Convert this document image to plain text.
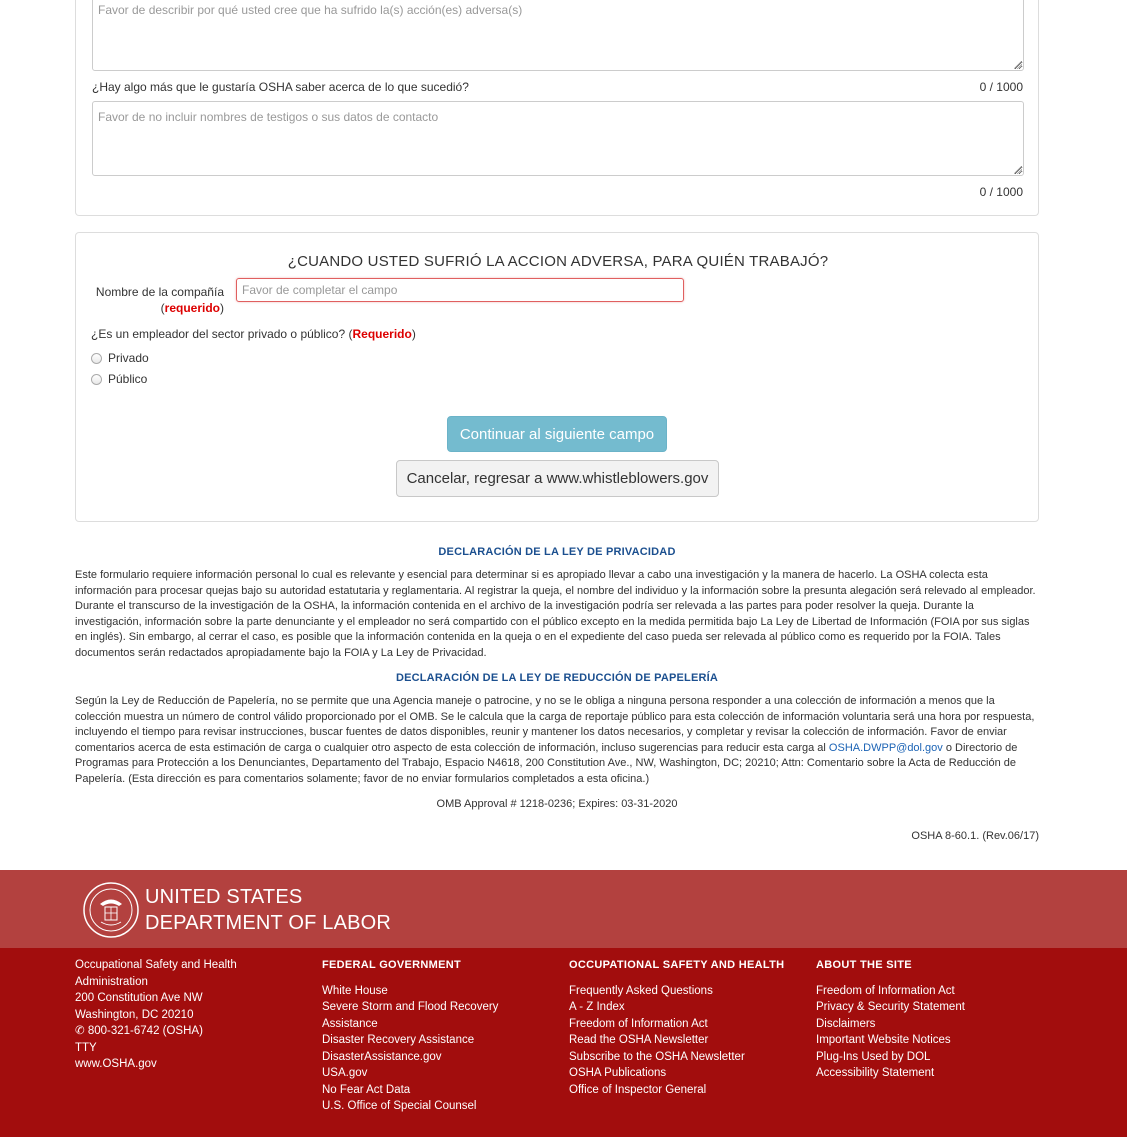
Favor de describir por qué usted cree que ha sufrido la(s) acción(es) adversa(s)
¿Hay algo más que le gustaría OSHA saber acerca de lo que sucedió?	0 / 1000
Favor de no incluir nombres de testigos o sus datos de contacto
0 / 1000
¿CUANDO USTED SUFRIÓ LA ACCION ADVERSA, PARA QUIÉN TRABAJÓ?
Nombre de la compañía
(requerido)
Favor de completar el campo
¿Es un empleador del sector privado o público? (Requerido)
Privado
Público
Continuar al siguiente campo
Cancelar, regresar a www.whistleblowers.gov
DECLARACIÓN DE LA LEY DE PRIVACIDAD
Este formulario requiere información personal lo cual es relevante y esencial para determinar si es apropiado llevar a cabo una investigación y la manera de hacerlo. La OSHA colecta esta información para procesar quejas bajo su autoridad estatutaria y reglamentaria. Al registrar la queja, el nombre del individuo y la información sobre la presunta alegación será relevado al empleador. Durante el transcurso de la investigación de la OSHA, la información contenida en el archivo de la investigación podría ser relevada a las partes para poder resolver la queja. Durante la investigación, información sobre la parte denunciante y el empleador no será compartido con el público excepto en la medida permitida bajo La Ley de Libertad de Información (FOIA por sus siglas en inglés). Sin embargo, al cerrar el caso, es posible que la información contenida en la queja o en el expediente del caso pueda ser relevada al público como es requerido por la FOIA. Tales documentos serán redactados apropiadamente bajo la FOIA y La Ley de Privacidad.
DECLARACIÓN DE LA LEY DE REDUCCIÓN DE PAPELERÍA
Según la Ley de Reducción de Papelería, no se permite que una Agencia maneje o patrocine, y no se le obliga a ninguna persona responder a una colección de información a menos que la colección muestra un número de control válido proporcionado por el OMB. Se le calcula que la carga de reportaje público para esta colección de información voluntaria será una hora por respuesta, incluyendo el tiempo para revisar instrucciones, buscar fuentes de datos disponibles, reunir y mantener los datos necesarios, y completar y revisar la colección de información. Favor de enviar comentarios acerca de esta estimación de carga o cualquier otro aspecto de esta colección de información, incluso sugerencias para reducir esta carga al OSHA.DWPP@dol.gov o Directorio de Programas para Protección a los Denunciantes, Departamento del Trabajo, Espacio N4618, 200 Constitution Ave., NW, Washington, DC; 20210; Attn: Comentario sobre la Acta de Reducción de Papelería. (Esta dirección es para comentarios solamente; favor de no enviar formularios completados a esta oficina.)
OMB Approval # 1218-0236; Expires: 03-31-2020
OSHA 8-60.1. (Rev.06/17)
UNITED STATES
DEPARTMENT OF LABOR
Occupational Safety and Health Administration
200 Constitution Ave NW
Washington, DC 20210
✆ 800-321-6742 (OSHA)
TTY
www.OSHA.gov
FEDERAL GOVERNMENT
White House
Severe Storm and Flood Recovery Assistance
Disaster Recovery Assistance
DisasterAssistance.gov
USA.gov
No Fear Act Data
U.S. Office of Special Counsel
OCCUPATIONAL SAFETY AND HEALTH
Frequently Asked Questions
A - Z Index
Freedom of Information Act
Read the OSHA Newsletter
Subscribe to the OSHA Newsletter
OSHA Publications
Office of Inspector General
ABOUT THE SITE
Freedom of Information Act
Privacy & Security Statement
Disclaimers
Important Website Notices
Plug-Ins Used by DOL
Accessibility Statement
